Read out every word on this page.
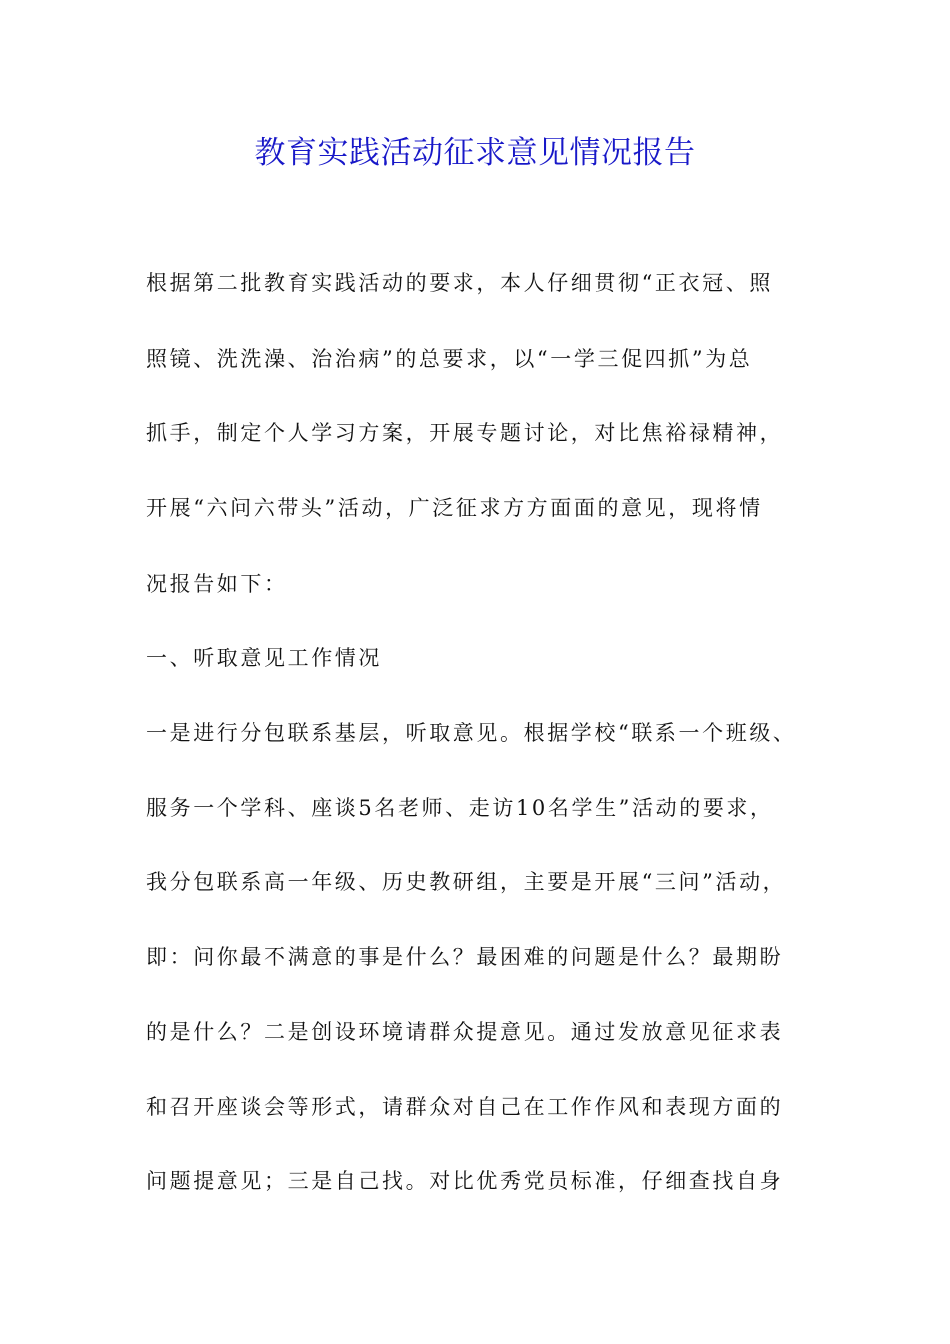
教育实践活动征求意见情况报告
根据第二批教育实践活动的要求，本人仔细贯彻“正衣冠、照
照镜、洗洗澡、治治病”的总要求，以“一学三促四抓”为总
抓手，制定个人学习方案，开展专题讨论，对比焦裕禄精神，
开展“六问六带头”活动，广泛征求方方面面的意见，现将情
况报告如下：
一、听取意见工作情况
一是进行分包联系基层，听取意见。根据学校“联系一个班级、
服务一个学科、座谈5名老师、走访10名学生”活动的要求，
我分包联系高一年级、历史教研组，主要是开展“三问”活动，
即：问你最不满意的事是什么？最困难的问题是什么？最期盼
的是什么？二是创设环境请群众提意见。通过发放意见征求表
和召开座谈会等形式，请群众对自己在工作作风和表现方面的
问题提意见；三是自己找。对比优秀党员标准，仔细查找自身
